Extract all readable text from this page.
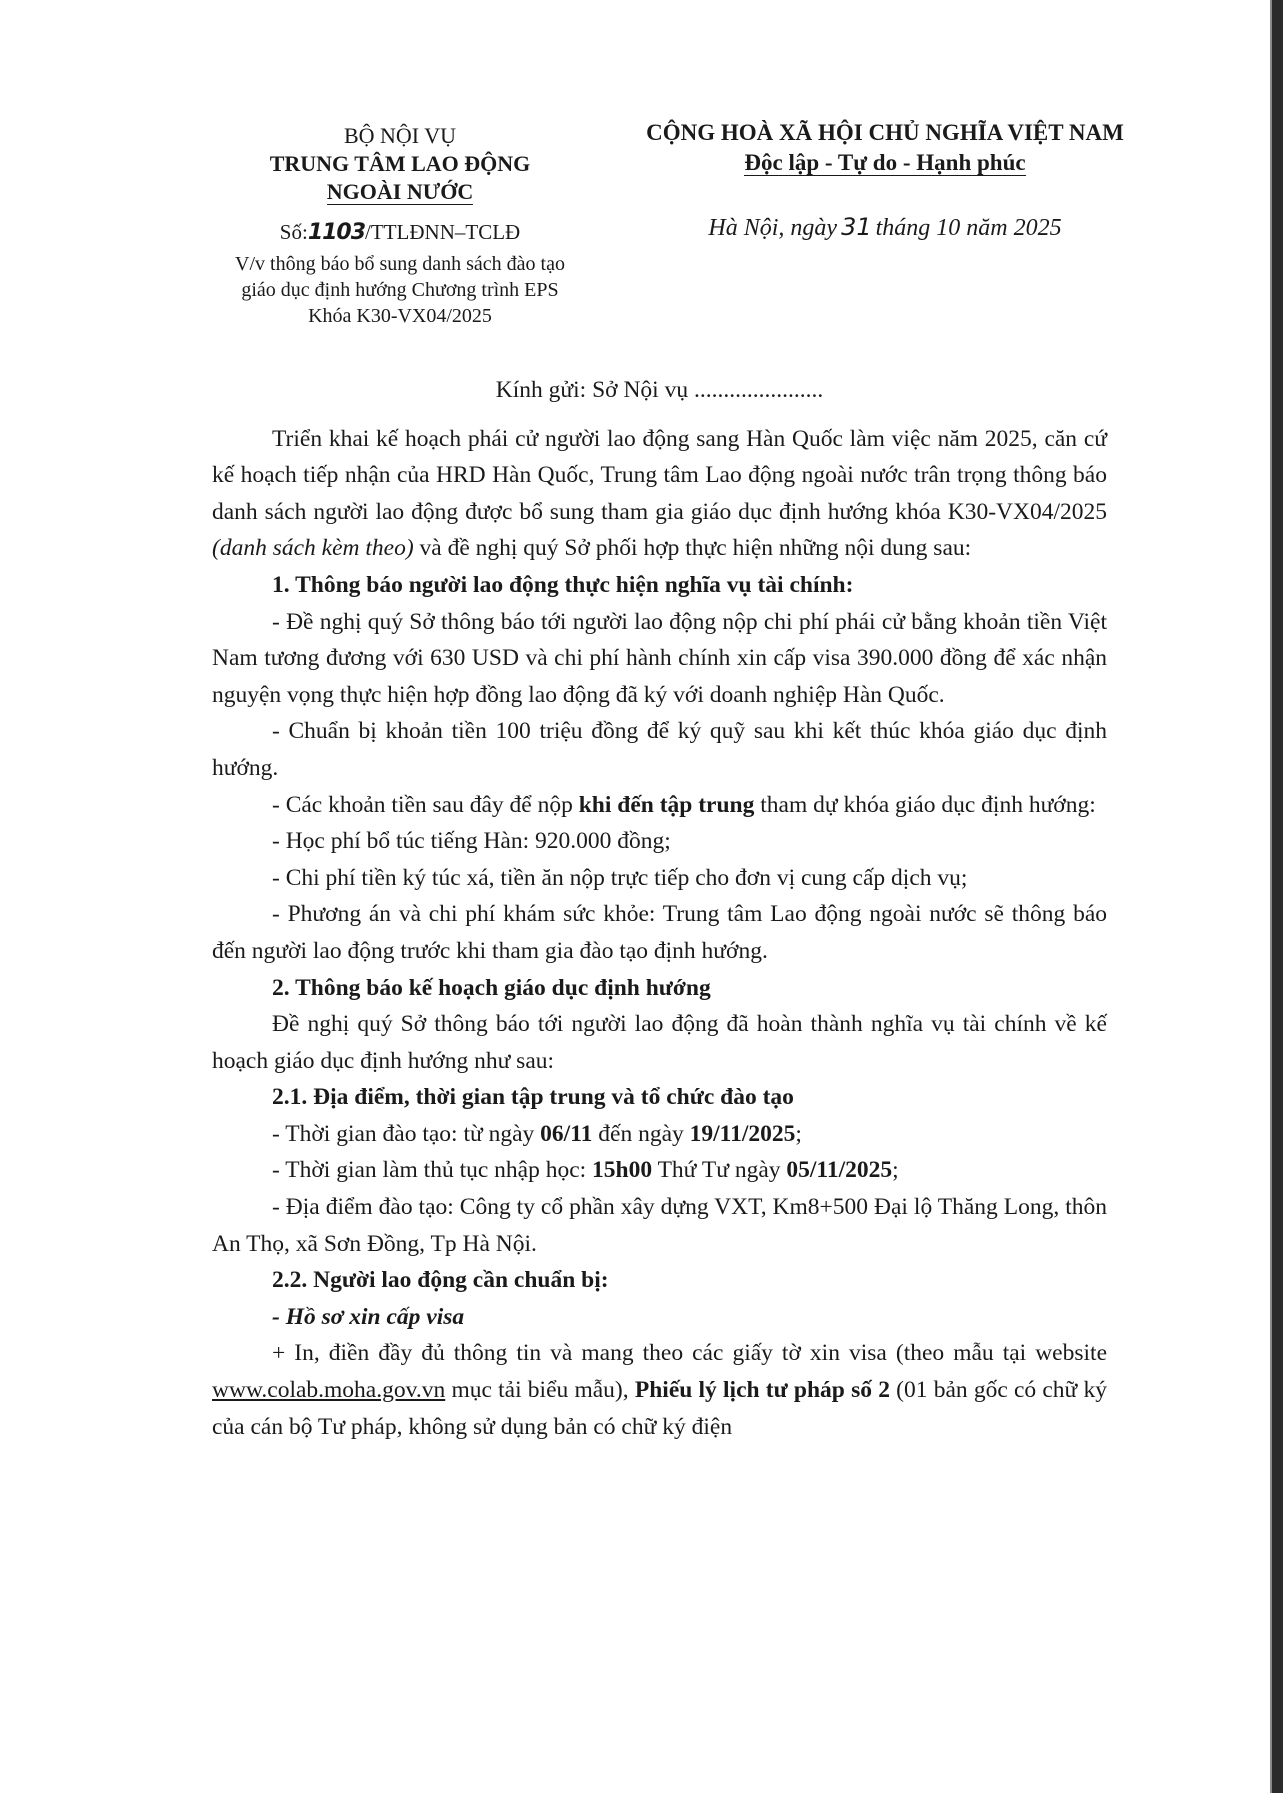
BỘ NỘI VỤ
TRUNG TÂM LAO ĐỘNG
NGOÀI NƯỚC
Số:1103/TTLĐNN–TCLĐ
V/v thông báo bổ sung danh sách đào tạo
giáo dục định hướng Chương trình EPS
Khóa K30-VX04/2025
CỘNG HOÀ XÃ HỘI CHỦ NGHĨA VIỆT NAM
Độc lập - Tự do - Hạnh phúc
Hà Nội, ngày 31 tháng 10 năm 2025

Kính gửi: Sở Nội vụ ......................

Triển khai kế hoạch phái cử người lao động sang Hàn Quốc làm việc năm 2025, căn cứ kế hoạch tiếp nhận của HRD Hàn Quốc, Trung tâm Lao động ngoài nước trân trọng thông báo danh sách người lao động được bổ sung tham gia giáo dục định hướng khóa K30-VX04/2025 (danh sách kèm theo) và đề nghị quý Sở phối hợp thực hiện những nội dung sau:

1. Thông báo người lao động thực hiện nghĩa vụ tài chính:

- Đề nghị quý Sở thông báo tới người lao động nộp chi phí phái cử bằng khoản tiền Việt Nam tương đương với 630 USD và chi phí hành chính xin cấp visa 390.000 đồng để xác nhận nguyện vọng thực hiện hợp đồng lao động đã ký với doanh nghiệp Hàn Quốc.

- Chuẩn bị khoản tiền 100 triệu đồng để ký quỹ sau khi kết thúc khóa giáo dục định hướng.

- Các khoản tiền sau đây để nộp khi đến tập trung tham dự khóa giáo dục định hướng:

- Học phí bổ túc tiếng Hàn: 920.000 đồng;

- Chi phí tiền ký túc xá, tiền ăn nộp trực tiếp cho đơn vị cung cấp dịch vụ;

- Phương án và chi phí khám sức khỏe: Trung tâm Lao động ngoài nước sẽ thông báo đến người lao động trước khi tham gia đào tạo định hướng.

2. Thông báo kế hoạch giáo dục định hướng

Đề nghị quý Sở thông báo tới người lao động đã hoàn thành nghĩa vụ tài chính về kế hoạch giáo dục định hướng như sau:

2.1. Địa điểm, thời gian tập trung và tổ chức đào tạo

- Thời gian đào tạo: từ ngày 06/11 đến ngày 19/11/2025;

- Thời gian làm thủ tục nhập học: 15h00 Thứ Tư ngày 05/11/2025;

- Địa điểm đào tạo: Công ty cổ phần xây dựng VXT, Km8+500 Đại lộ Thăng Long, thôn An Thọ, xã Sơn Đồng, Tp Hà Nội.

2.2. Người lao động cần chuẩn bị:

- Hồ sơ xin cấp visa

+ In, điền đầy đủ thông tin và mang theo các giấy tờ xin visa (theo mẫu tại website www.colab.moha.gov.vn mục tải biểu mẫu), Phiếu lý lịch tư pháp số 2 (01 bản gốc có chữ ký của cán bộ Tư pháp, không sử dụng bản có chữ ký điện
